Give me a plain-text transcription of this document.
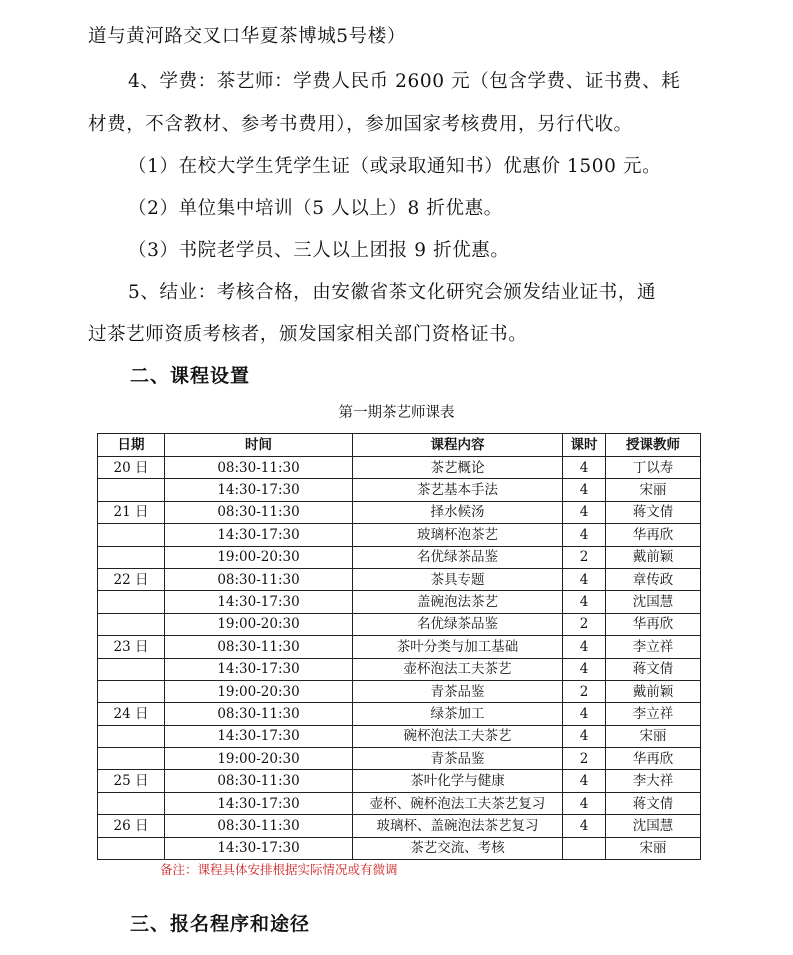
道与黄河路交叉口华夏茶博城5号楼）
4、学费：茶艺师：学费人民币 2600 元（包含学费、证书费、耗
材费，不含教材、参考书费用），参加国家考核费用，另行代收。
（1）在校大学生凭学生证（或录取通知书）优惠价 1500 元。
（2）单位集中培训（5 人以上）8 折优惠。
（3）书院老学员、三人以上团报 9 折优惠。
5、结业：考核合格，由安徽省茶文化研究会颁发结业证书，通
过茶艺师资质考核者，颁发国家相关部门资格证书。
二、课程设置
第一期茶艺师课表
日期	时间	课程内容	课时	授课教师
20 日	08:30-11:30	茶艺概论	4	丁以寿
	14:30-17:30	茶艺基本手法	4	宋丽
21 日	08:30-11:30	择水候汤	4	蒋文倩
	14:30-17:30	玻璃杯泡茶艺	4	华再欣
	19:00-20:30	名优绿茶品鉴	2	戴前颖
22 日	08:30-11:30	茶具专题	4	章传政
	14:30-17:30	盖碗泡法茶艺	4	沈国慧
	19:00-20:30	名优绿茶品鉴	2	华再欣
23 日	08:30-11:30	茶叶分类与加工基础	4	李立祥
	14:30-17:30	壶杯泡法工夫茶艺	4	蒋文倩
	19:00-20:30	青茶品鉴	2	戴前颖
24 日	08:30-11:30	绿茶加工	4	李立祥
	14:30-17:30	碗杯泡法工夫茶艺	4	宋丽
	19:00-20:30	青茶品鉴	2	华再欣
25 日	08:30-11:30	茶叶化学与健康	4	李大祥
	14:30-17:30	壶杯、碗杯泡法工夫茶艺复习	4	蒋文倩
26 日	08:30-11:30	玻璃杯、盖碗泡法茶艺复习	4	沈国慧
	14:30-17:30	茶艺交流、考核		宋丽
备注：课程具体安排根据实际情况或有微调
三、报名程序和途径
